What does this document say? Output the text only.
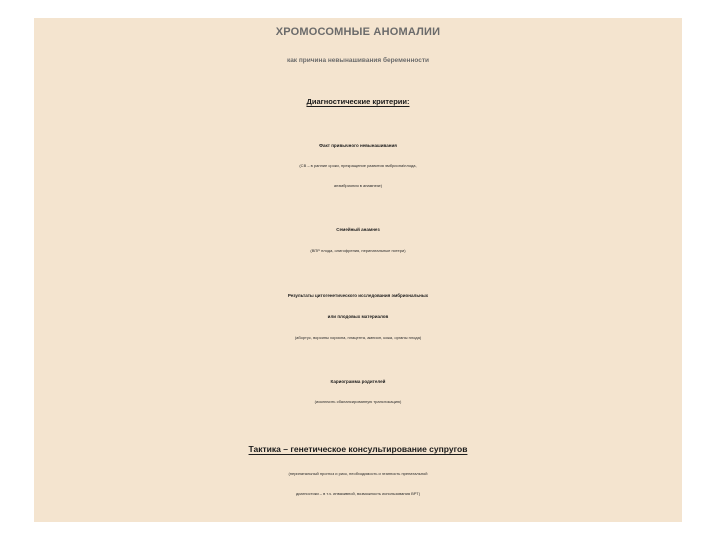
ХРОМОСОМНЫЕ АНОМАЛИИ
как причина невынашивания беременности
Диагностические критерии:
Факт привычного невынашивания
(СВ – в ранние сроки, прекращение развития эмбриона\плода,
анэмбриония в анамнезе)
Семейный анамнез
(ВПР плода, олигофрения, перинатальные потери)
Результаты цитогенетического исследования эмбриональных
или плодовых материалов
(абортус, ворсины хориона, плацента, амнион, кожа, органы плода)
Кариограмма родителей
(исключить сбалансированную транслокацию)
Тактика – генетическое консультирование супругов
(перинатальный прогноз и риск, необходимость и этапность пренатальной
диагностики – в т.ч. инвазивной, возможность использования ВРТ)
